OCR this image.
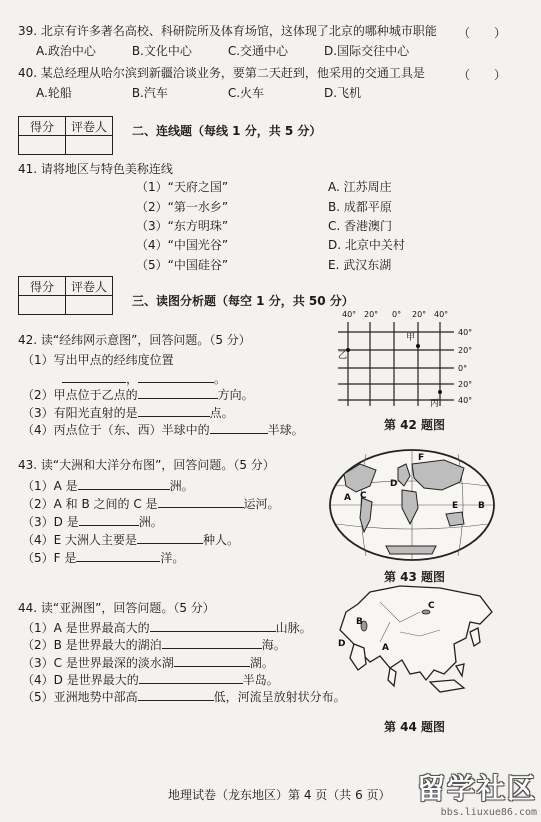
39. 北京有许多著名高校、科研院所及体育场馆，这体现了北京的哪种城市职能 （　　）
A.政治中心　　　B.文化中心　　　C.交通中心　　　D.国际交往中心
40. 某总经理从哈尔滨到新疆洽谈业务，要第二天赶到，他采用的交通工具是	（　　）
A.轮船　　　　　B.汽车　　　　　C.火车　　　　　D.飞机
得分	评卷人
	二、连线题（每线 1 分，共 5 分）
41. 请将地区与特色美称连线
（1）“天府之国”
（2）“第一水乡”
（3）“东方明珠”
（4）“中国光谷”
（5）“中国硅谷”
A. 江苏周庄
B. 成都平原
C. 香港澳门
D. 北京中关村
E. 武汉东湖
得分	评卷人

三、读图分析题（每空 1 分，共 50 分）
42. 读“经纬网示意图”，回答问题。（5 分）
（1）写出甲点的经纬度位置
，	。
（2）甲点位于乙点的	方向。
（3）有阳光直射的是	点。
（4）丙点位于（东、西）半球中的	半球。
40° 20° 0° 20° 40°
40°
20°
0°
20°
40°
甲
乙
丙
第 42 题图
43. 读“大洲和大洋分布图”，回答问题。（5 分）
（1）A 是	洲。
（2）A 和 B 之间的 C 是	运河。
（3）D 是	洲。
（4）E 大洲人主要是	种人。
（5）F 是	洋。
A
B
C
D
E
F
第 43 题图
44. 读“亚洲图”，回答问题。（5 分）
（1）A 是世界最高大的	山脉。
（2）B 是世界最大的湖泊	海。
（3）C 是世界最深的淡水湖	湖。
（4）D 是世界最大的	半岛。
（5）亚洲地势中部高	低，河流呈放射状分布。
B
C
D	A
第 44 题图
地理试卷（龙东地区）第 4 页（共 6 页） 留学社区
bbs.liuxue86.com
